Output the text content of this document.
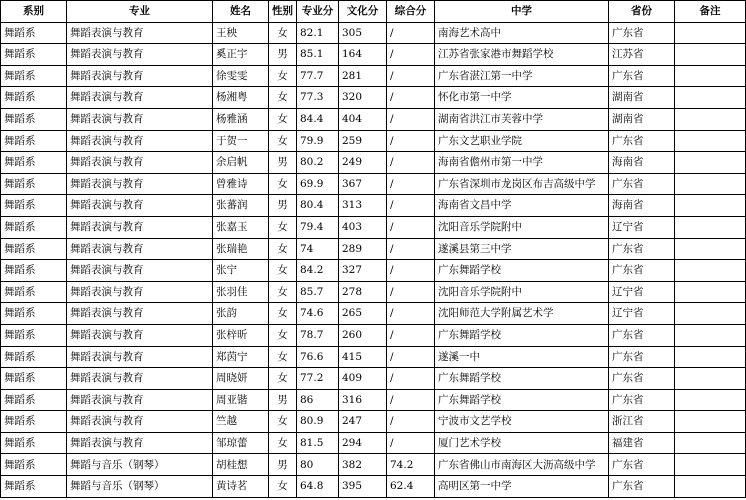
系别	专业	姓名	性别	专业分	文化分	综合分	中学	省份	备注
舞蹈系	舞蹈表演与教育	王秧	女	82.1	305	/	南海艺术高中	广东省	
舞蹈系	舞蹈表演与教育	奚正宇	男	85.1	164	/	江苏省张家港市舞蹈学校	江苏省	
舞蹈系	舞蹈表演与教育	徐雯雯	女	77.7	281	/	广东省湛江第一中学	广东省	
舞蹈系	舞蹈表演与教育	杨湘粤	女	77.3	320	/	怀化市第一中学	湖南省	
舞蹈系	舞蹈表演与教育	杨雅涵	女	84.4	404	/	湖南省洪江市芙蓉中学	湖南省	
舞蹈系	舞蹈表演与教育	于贺一	女	79.9	259	/	广东文艺职业学院	广东省	
舞蹈系	舞蹈表演与教育	余启帆	男	80.2	249	/	海南省儋州市第一中学	海南省	
舞蹈系	舞蹈表演与教育	曾雅诗	女	69.9	367	/	广东省深圳市龙岗区布吉高级中学	广东省	
舞蹈系	舞蹈表演与教育	张蕃润	男	80.4	313	/	海南省文昌中学	海南省	
舞蹈系	舞蹈表演与教育	张嘉玉	女	79.4	403	/	沈阳音乐学院附中	辽宁省	
舞蹈系	舞蹈表演与教育	张瑞艳	女	74	289	/	遂溪县第三中学	广东省	
舞蹈系	舞蹈表演与教育	张宁	女	84.2	327	/	广东舞蹈学校	广东省	
舞蹈系	舞蹈表演与教育	张羽佳	女	85.7	278	/	沈阳音乐学院附中	辽宁省	
舞蹈系	舞蹈表演与教育	张韵	女	74.6	265	/	沈阳师范大学附属艺术学	辽宁省	
舞蹈系	舞蹈表演与教育	张梓昕	女	78.7	260	/	广东舞蹈学校	广东省	
舞蹈系	舞蹈表演与教育	郑茵宁	女	76.6	415	/	遂溪一中	广东省	
舞蹈系	舞蹈表演与教育	周晓妍	女	77.2	409	/	广东舞蹈学校	广东省	
舞蹈系	舞蹈表演与教育	周亚锴	男	86	316	/	广东舞蹈学校	广东省	
舞蹈系	舞蹈表演与教育	竺越	女	80.9	247	/	宁波市文艺学校	浙江省	
舞蹈系	舞蹈表演与教育	邹琼蕾	女	81.5	294	/	厦门艺术学校	福建省	
舞蹈系	舞蹈与音乐（钢琴）	胡桂想	男	80	382	74.2	广东省佛山市南海区大沥高级中学	广东省	
舞蹈系	舞蹈与音乐（钢琴）	黄诗茗	女	64.8	395	62.4	高明区第一中学	广东省	
